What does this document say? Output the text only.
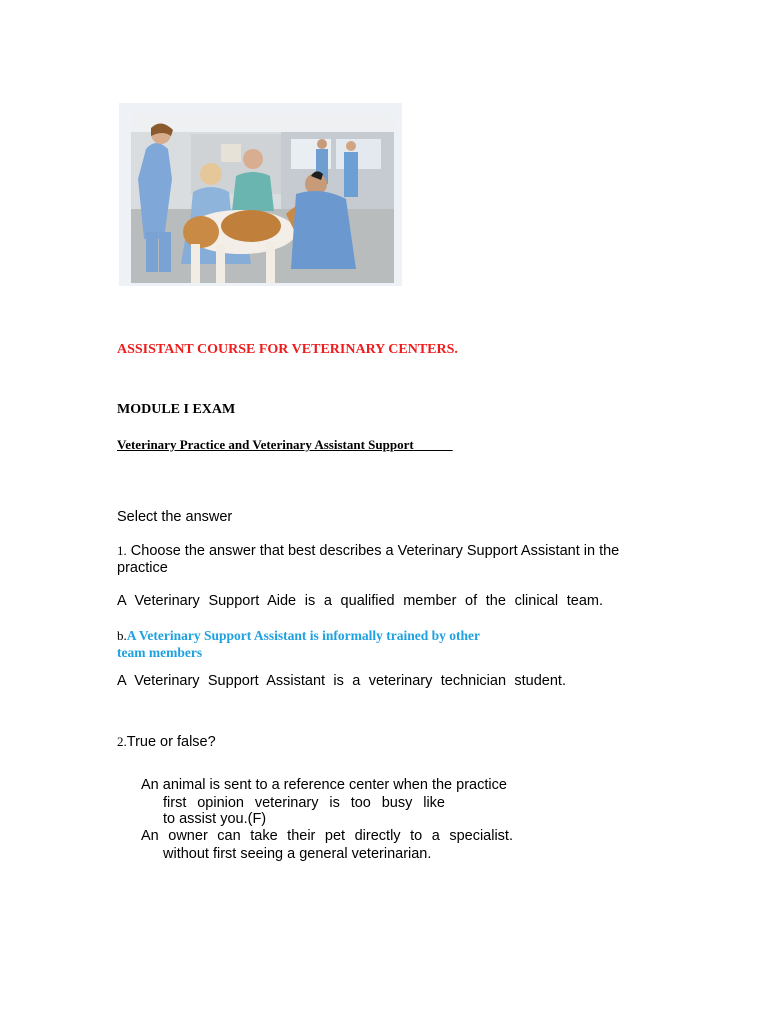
ASSISTANT COURSE FOR VETERINARY CENTERS.
MODULE I EXAM
Veterinary Practice and Veterinary Assistant Support
Select the answer
1. Choose the answer that best describes a Veterinary Support Assistant in the practice
A Veterinary Support Aide is a qualified member of the clinical team.
b.A Veterinary Support Assistant is informally trained by other team members
A Veterinary Support Assistant is a veterinary technician student.
2.True or false?
An animal is sent to a reference center when the practice
first opinion veterinary is too busy like
to assist you.(F)
An owner can take their pet directly to a specialist.
without first seeing a general veterinarian.
